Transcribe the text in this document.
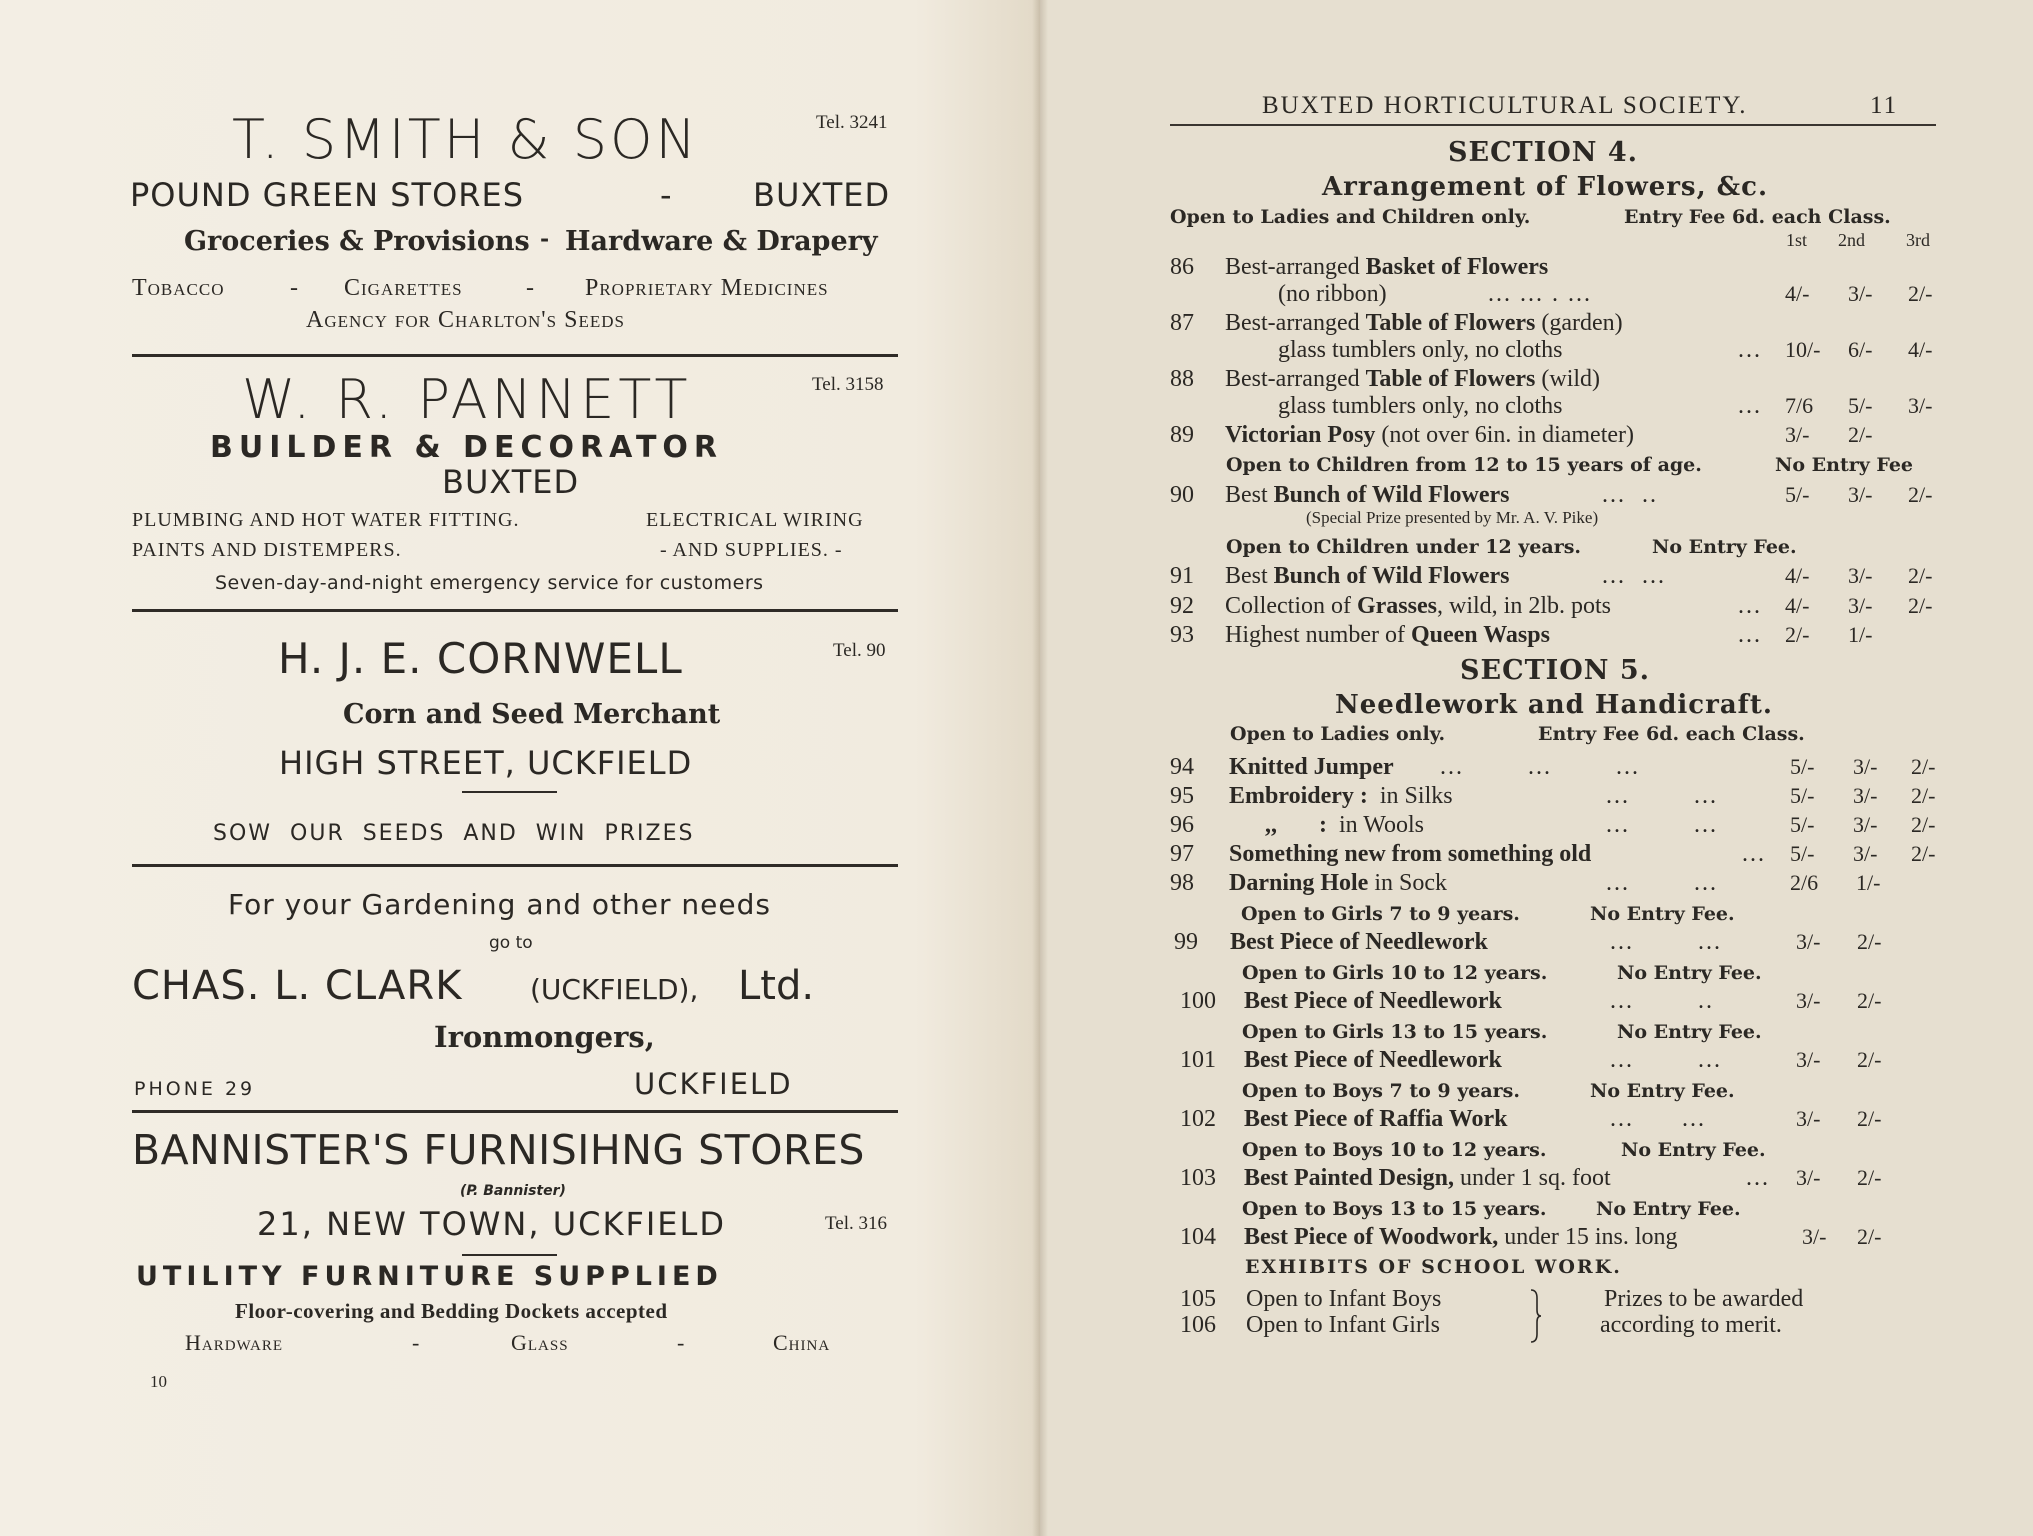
T. SMITH & SON	Tel. 3241
POUND GREEN STORES	-	BUXTED
Groceries & Provisions - Hardware & Drapery
Tobacco	- Cigarettes	- Proprietary Medicines
Agency for Charlton's Seeds
W. R. PANNETT	Tel. 3158
BUILDER & DECORATOR
BUXTED
PLUMBING AND HOT WATER FITTING.	ELECTRICAL WIRING
PAINTS AND DISTEMPERS.	- AND SUPPLIES. -
Seven-day-and-night emergency service for customers
H. J. E. CORNWELL	Tel. 90
Corn and Seed Merchant
HIGH STREET, UCKFIELD
SOW  OUR  SEEDS  AND  WIN  PRIZES
For your Gardening and other needs
go to
CHAS. L. CLARK (UCKFIELD), Ltd.
Ironmongers,
PHONE 29	UCKFIELD
BANNISTER'S FURNISIHNG STORES
(P. Bannister)
21, NEW TOWN, UCKFIELD	Tel. 316
UTILITY FURNITURE SUPPLIED
Floor-covering and Bedding Dockets accepted
Hardware	-	Glass	-	China
10
BUXTED HORTICULTURAL SOCIETY.	11
SECTION 4.
Arrangement of Flowers, &c.
Open to Ladies and Children only.	Entry Fee 6d. each Class.
1st 2nd 3rd
86 Best-arranged Basket of Flowers
(no ribbon)	... ... . ...	4/- 3/- 2/-
87 Best-arranged Table of Flowers (garden)
glass tumblers only, no cloths	... 10/- 6/- 4/-
88 Best-arranged Table of Flowers (wild)
glass tumblers only, no cloths	... 7/6 5/- 3/-
89 Victorian Posy (not over 6in. in diameter)	3/- 2/-
Open to Children from 12 to 15 years of age.	No Entry Fee
90 Best Bunch of Wild Flowers	...  ..	5/- 3/- 2/-
(Special Prize presented by Mr. A. V. Pike)
Open to Children under 12 years.	No Entry Fee.
91 Best Bunch of Wild Flowers	...  ...	4/- 3/- 2/-
92 Collection of Grasses, wild, in 2lb. pots	... 4/- 3/- 2/-
93 Highest number of Queen Wasps	... 2/- 1/-
SECTION 5.
Needlework and Handicraft.
Open to Ladies only.	Entry Fee 6d. each Class.
94 Knitted Jumper ...        ...        ...	5/- 3/- 2/-
95 Embroidery :  in Silks	...        ...	5/- 3/- 2/-
96 ,,       :  in Wools	...        ...	5/- 3/- 2/-
97 Something new from something old	... 5/- 3/- 2/-
98 Darning Hole in Sock	...        ...	2/6 1/-
Open to Girls 7 to 9 years.	No Entry Fee.
99 Best Piece of Needlework	...        ...	3/- 2/-
Open to Girls 10 to 12 years.	No Entry Fee.
100 Best Piece of Needlework	...        ..	3/- 2/-
Open to Girls 13 to 15 years.	No Entry Fee.
101 Best Piece of Needlework	...        ...	3/- 2/-
Open to Boys 7 to 9 years.	No Entry Fee.
102 Best Piece of Raffia Work	...      ...	3/- 2/-
Open to Boys 10 to 12 years.	No Entry Fee.
103 Best Painted Design, under 1 sq. foot	... 3/- 2/-
Open to Boys 13 to 15 years.	No Entry Fee.
104 Best Piece of Woodwork, under 15 ins. long	3/- 2/-
EXHIBITS OF SCHOOL WORK.
105 Open to Infant Boys
106 Open to Infant Girls
Prizes to be awarded
according to merit.
